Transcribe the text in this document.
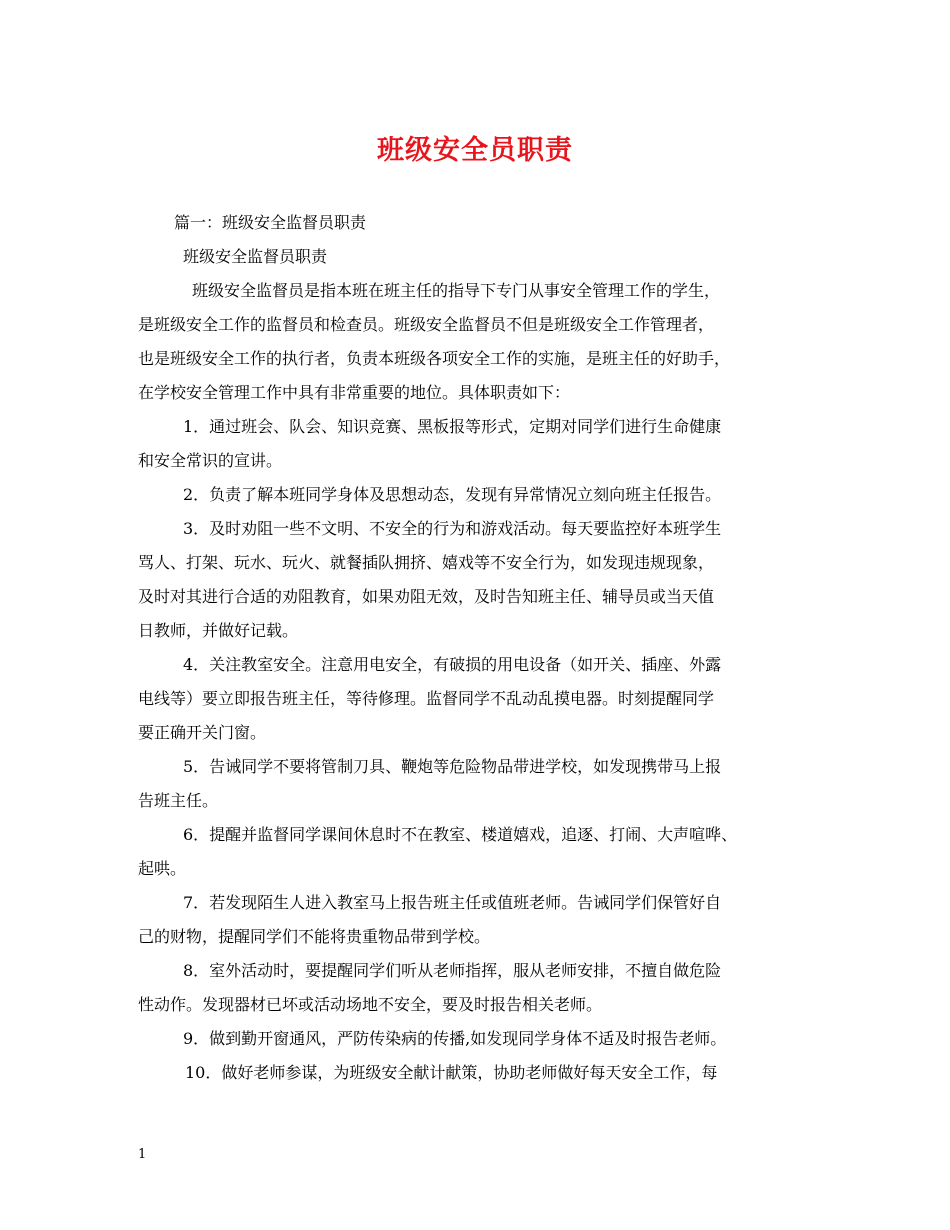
班级安全员职责
篇一：班级安全监督员职责
班级安全监督员职责
班级安全监督员是指本班在班主任的指导下专门从事安全管理工作的学生，
是班级安全工作的监督员和检查员。班级安全监督员不但是班级安全工作管理者，
也是班级安全工作的执行者，负责本班级各项安全工作的实施，是班主任的好助手，
在学校安全管理工作中具有非常重要的地位。具体职责如下：
1．通过班会、队会、知识竞赛、黑板报等形式，定期对同学们进行生命健康
和安全常识的宣讲。
2．负责了解本班同学身体及思想动态，发现有异常情况立刻向班主任报告。
3．及时劝阻一些不文明、不安全的行为和游戏活动。每天要监控好本班学生
骂人、打架、玩水、玩火、就餐插队拥挤、嬉戏等不安全行为，如发现违规现象，
及时对其进行合适的劝阻教育，如果劝阻无效，及时告知班主任、辅导员或当天值
日教师，并做好记载。
4．关注教室安全。注意用电安全，有破损的用电设备（如开关、插座、外露
电线等）要立即报告班主任，等待修理。监督同学不乱动乱摸电器。时刻提醒同学
要正确开关门窗。
5．告诫同学不要将管制刀具、鞭炮等危险物品带进学校，如发现携带马上报
告班主任。
6．提醒并监督同学课间休息时不在教室、楼道嬉戏，追逐、打闹、大声喧哗、
起哄。
7．若发现陌生人进入教室马上报告班主任或值班老师。告诫同学们保管好自
己的财物，提醒同学们不能将贵重物品带到学校。
8．室外活动时，要提醒同学们听从老师指挥，服从老师安排，不擅自做危险
性动作。发现器材已坏或活动场地不安全，要及时报告相关老师。
9．做到勤开窗通风，严防传染病的传播,如发现同学身体不适及时报告老师。
10．做好老师参谋，为班级安全献计献策，协助老师做好每天安全工作，每
1
